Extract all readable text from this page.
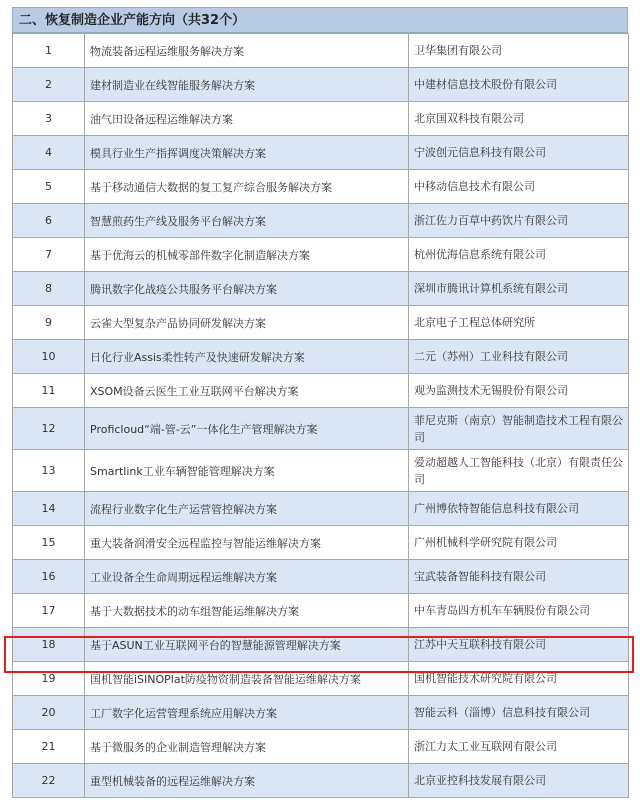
二、恢复制造企业产能方向（共32个）
1	物流装备远程运维服务解决方案	卫华集团有限公司
2	建材制造业在线智能服务解决方案	中建材信息技术股份有限公司
3	油气田设备远程运维解决方案	北京国双科技有限公司
4	模具行业生产指挥调度决策解决方案	宁波创元信息科技有限公司
5	基于移动通信大数据的复工复产综合服务解决方案	中移动信息技术有限公司
6	智慧煎药生产线及服务平台解决方案	浙江佐力百草中药饮片有限公司
7	基于优海云的机械零部件数字化制造解决方案	杭州优海信息系统有限公司
8	腾讯数字化战疫公共服务平台解决方案	深圳市腾讯计算机系统有限公司
9	云雀大型复杂产品协同研发解决方案	北京电子工程总体研究所
10	日化行业Assis柔性转产及快速研发解决方案	二元（苏州）工业科技有限公司
11	XSOM设备云医生工业互联网平台解决方案	观为监测技术无锡股份有限公司
12	Proficloud“端-管-云”一体化生产管理解决方案	菲尼克斯（南京）智能制造技术工程有限公司
13	Smartlink工业车辆智能管理解决方案	爱动超越人工智能科技（北京）有限责任公司
14	流程行业数字化生产运营管控解决方案	广州博依特智能信息科技有限公司
15	重大装备润滑安全远程监控与智能运维解决方案	广州机械科学研究院有限公司
16	工业设备全生命周期远程运维解决方案	宝武装备智能科技有限公司
17	基于大数据技术的动车组智能运维解决方案	中车青岛四方机车车辆股份有限公司
18	基于ASUN工业互联网平台的智慧能源管理解决方案	江苏中天互联科技有限公司
19	国机智能iSINOPlat防疫物资制造装备智能运维解决方案	国机智能技术研究院有限公司
20	工厂数字化运营管理系统应用解决方案	智能云科（淄博）信息科技有限公司
21	基于微服务的企业制造管理解决方案	浙江力太工业互联网有限公司
22	重型机械装备的远程运维解决方案	北京亚控科技发展有限公司
